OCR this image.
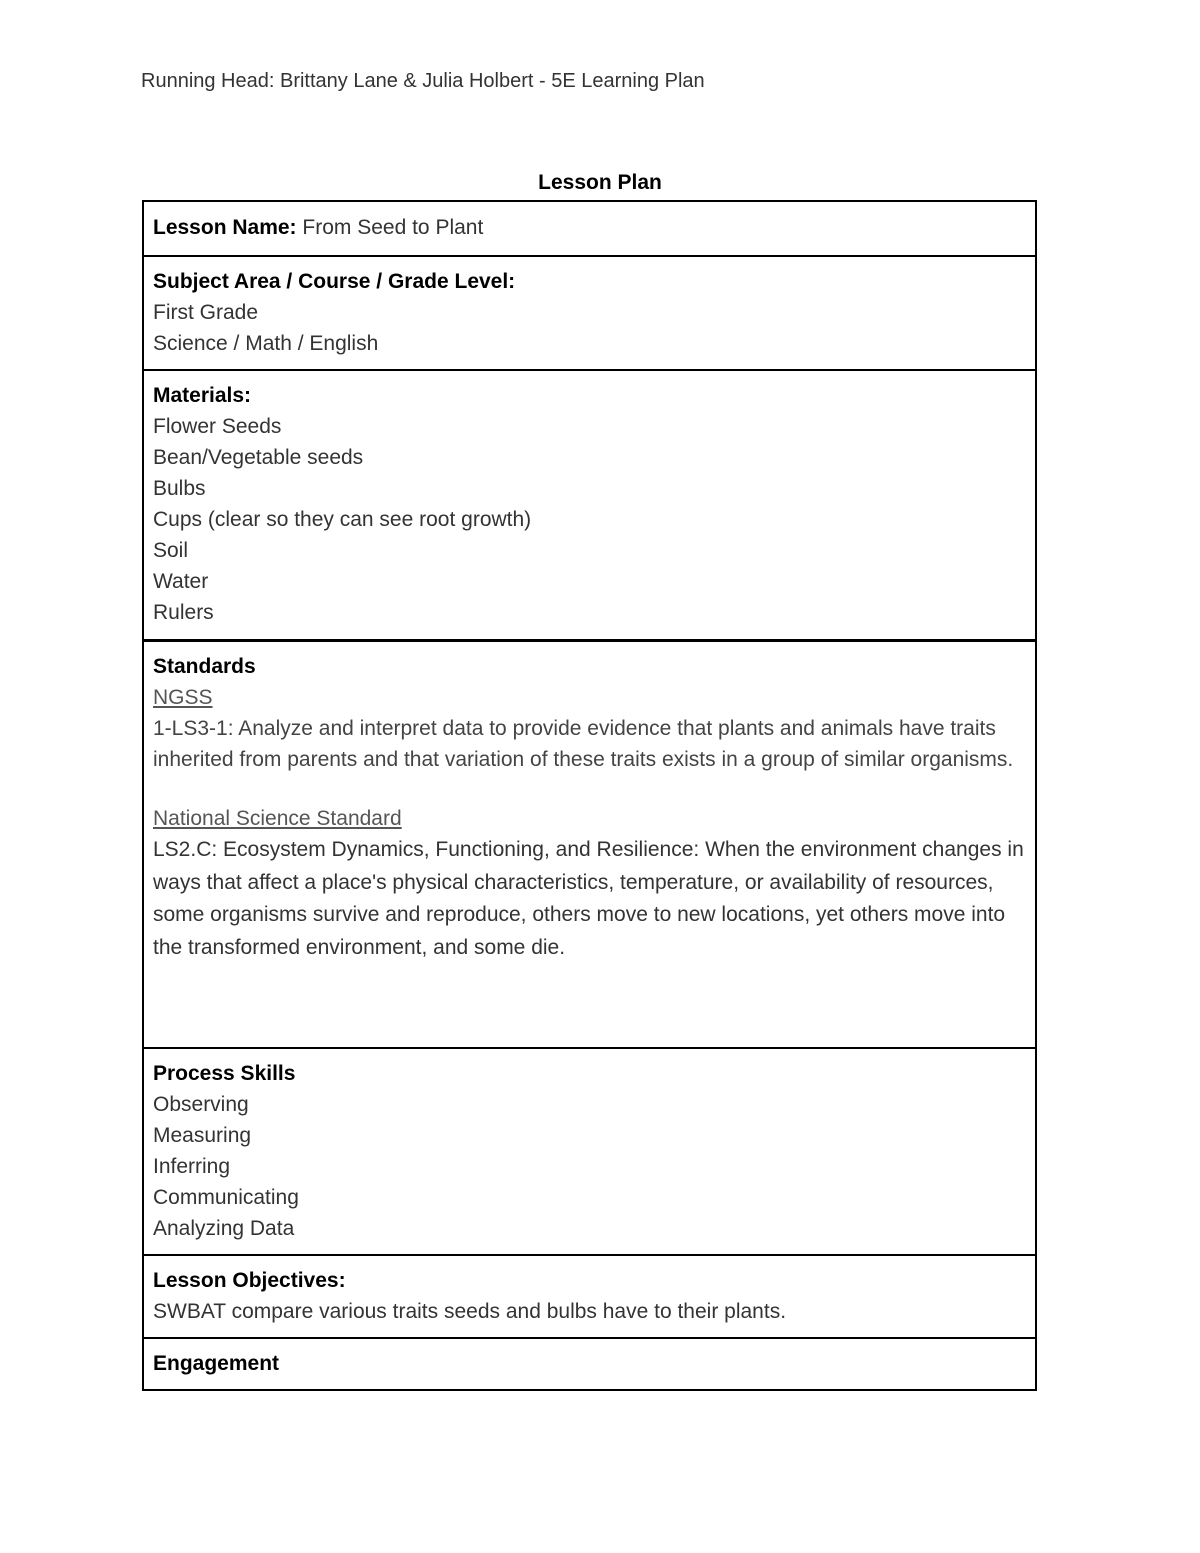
Running Head: Brittany Lane & Julia Holbert - 5E Learning Plan
Lesson Plan
Lesson Name: From Seed to Plant
Subject Area / Course / Grade Level:
First Grade
Science / Math / English
Materials:
Flower Seeds
Bean/Vegetable seeds
Bulbs
Cups (clear so they can see root growth)
Soil
Water
Rulers
Standards
NGSS
1-LS3-1: Analyze and interpret data to provide evidence that plants and animals have traits inherited from parents and that variation of these traits exists in a group of similar organisms.
National Science Standard
LS2.C: Ecosystem Dynamics, Functioning, and Resilience: When the environment changes in ways that affect a place's physical characteristics, temperature, or availability of resources, some organisms survive and reproduce, others move to new locations, yet others move into the transformed environment, and some die.
Process Skills
Observing
Measuring
Inferring
Communicating
Analyzing Data
Lesson Objectives:
SWBAT compare various traits seeds and bulbs have to their plants.
Engagement
